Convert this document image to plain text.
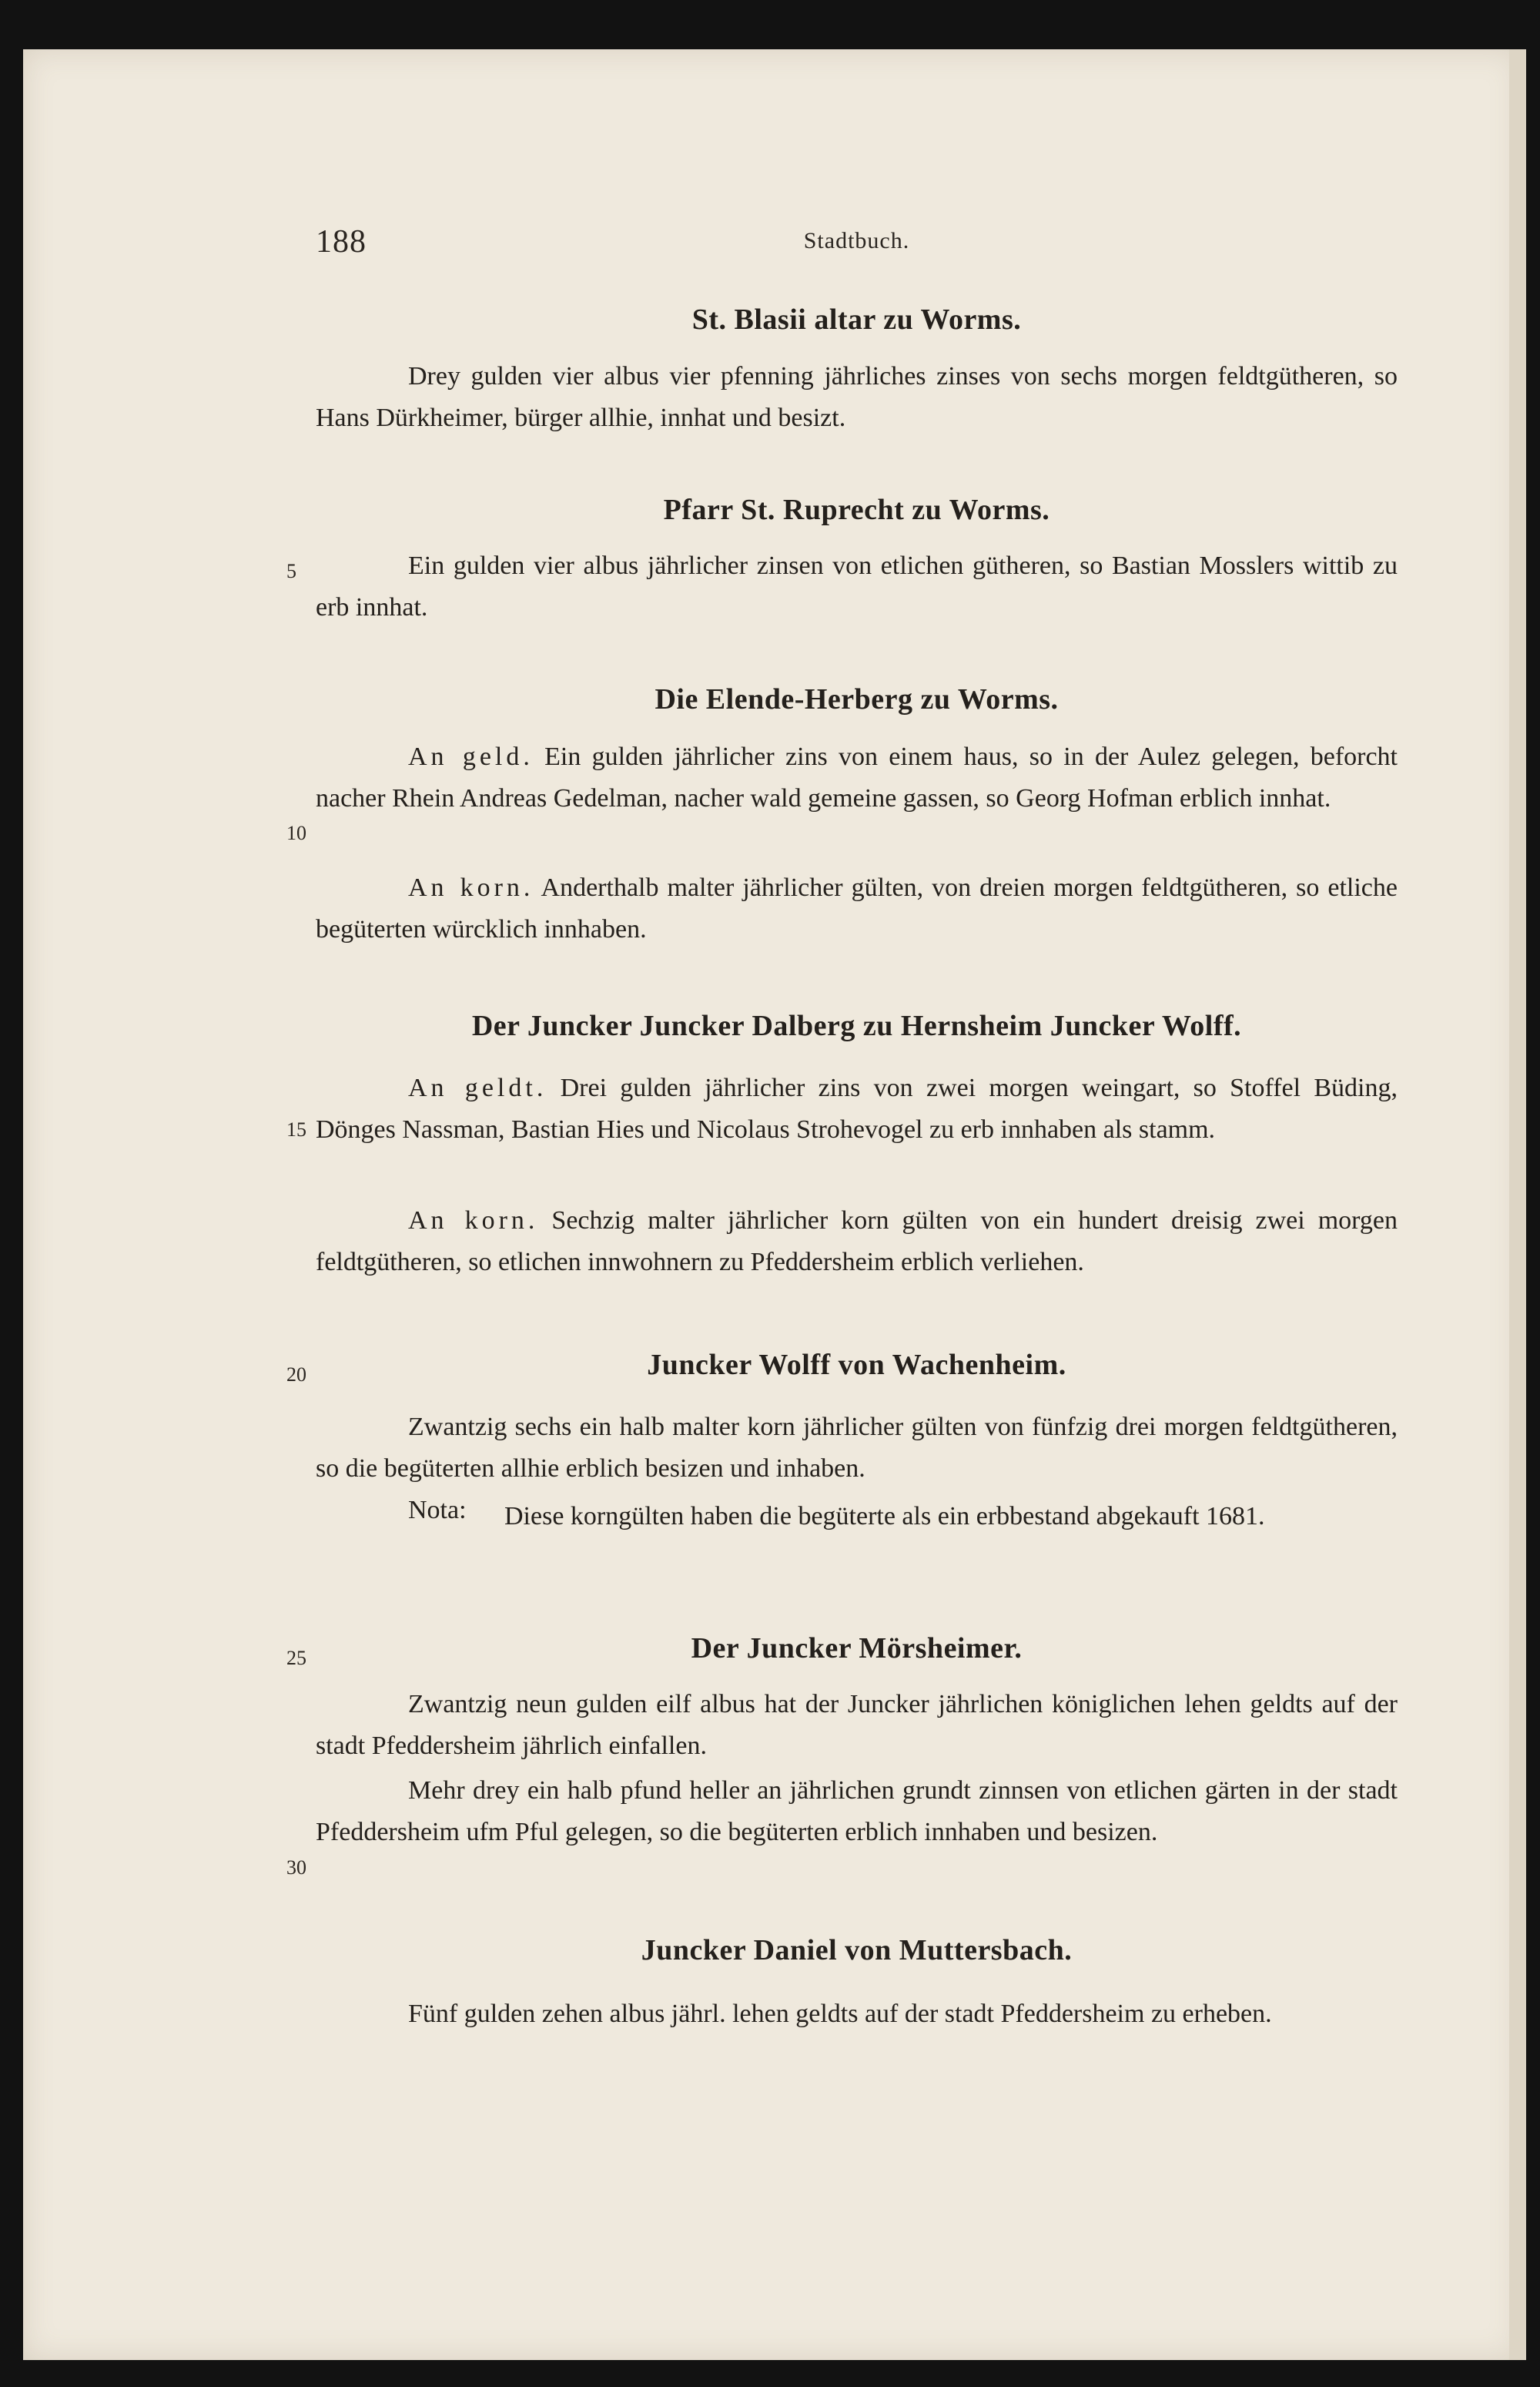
188	Stadtbuch.
5
10
15
20
25
30
St. Blasii altar zu Worms.

Drey gulden vier albus vier pfenning jährliches zinses von sechs morgen feldtgütheren, so Hans Dürkheimer, bürger allhie, innhat und besizt.

Pfarr St. Ruprecht zu Worms.

Ein gulden vier albus jährlicher zinsen von etlichen gütheren, so Bastian Mosslers wittib zu erb innhat.

Die Elende-Herberg zu Worms.

An geld. Ein gulden jährlicher zins von einem haus, so in der Aulez gelegen, beforcht nacher Rhein Andreas Gedelman, nacher wald gemeine gassen, so Georg Hofman erblich innhat.

An korn. Anderthalb malter jährlicher gülten, von dreien morgen feldtgütheren, so etliche begüterten würcklich innhaben.

Der Juncker Juncker Dalberg zu Hernsheim Juncker Wolff.

An geldt. Drei gulden jährlicher zins von zwei morgen weingart, so Stoffel Büding, Dönges Nassman, Bastian Hies und Nicolaus Strohevogel zu erb innhaben als stamm.

An korn. Sechzig malter jährlicher korn gülten von ein hundert dreisig zwei morgen feldtgütheren, so etlichen innwohnern zu Pfeddersheim erblich verliehen.

Juncker Wolff von Wachenheim.

Zwantzig sechs ein halb malter korn jährlicher gülten von fünfzig drei morgen feldtgütheren, so die begüterten allhie erblich besizen und inhaben.

Nota: Diese korngülten haben die begüterte als ein erbbestand abgekauft 1681.
Der Juncker Mörsheimer.

Zwantzig neun gulden eilf albus hat der Juncker jährlichen königlichen lehen geldts auf der stadt Pfeddersheim jährlich einfallen.

Mehr drey ein halb pfund heller an jährlichen grundt zinnsen von etlichen gärten in der stadt Pfeddersheim ufm Pful gelegen, so die begüterten erblich innhaben und besizen.

Juncker Daniel von Muttersbach.

Fünf gulden zehen albus jährl. lehen geldts auf der stadt Pfeddersheim zu erheben.
